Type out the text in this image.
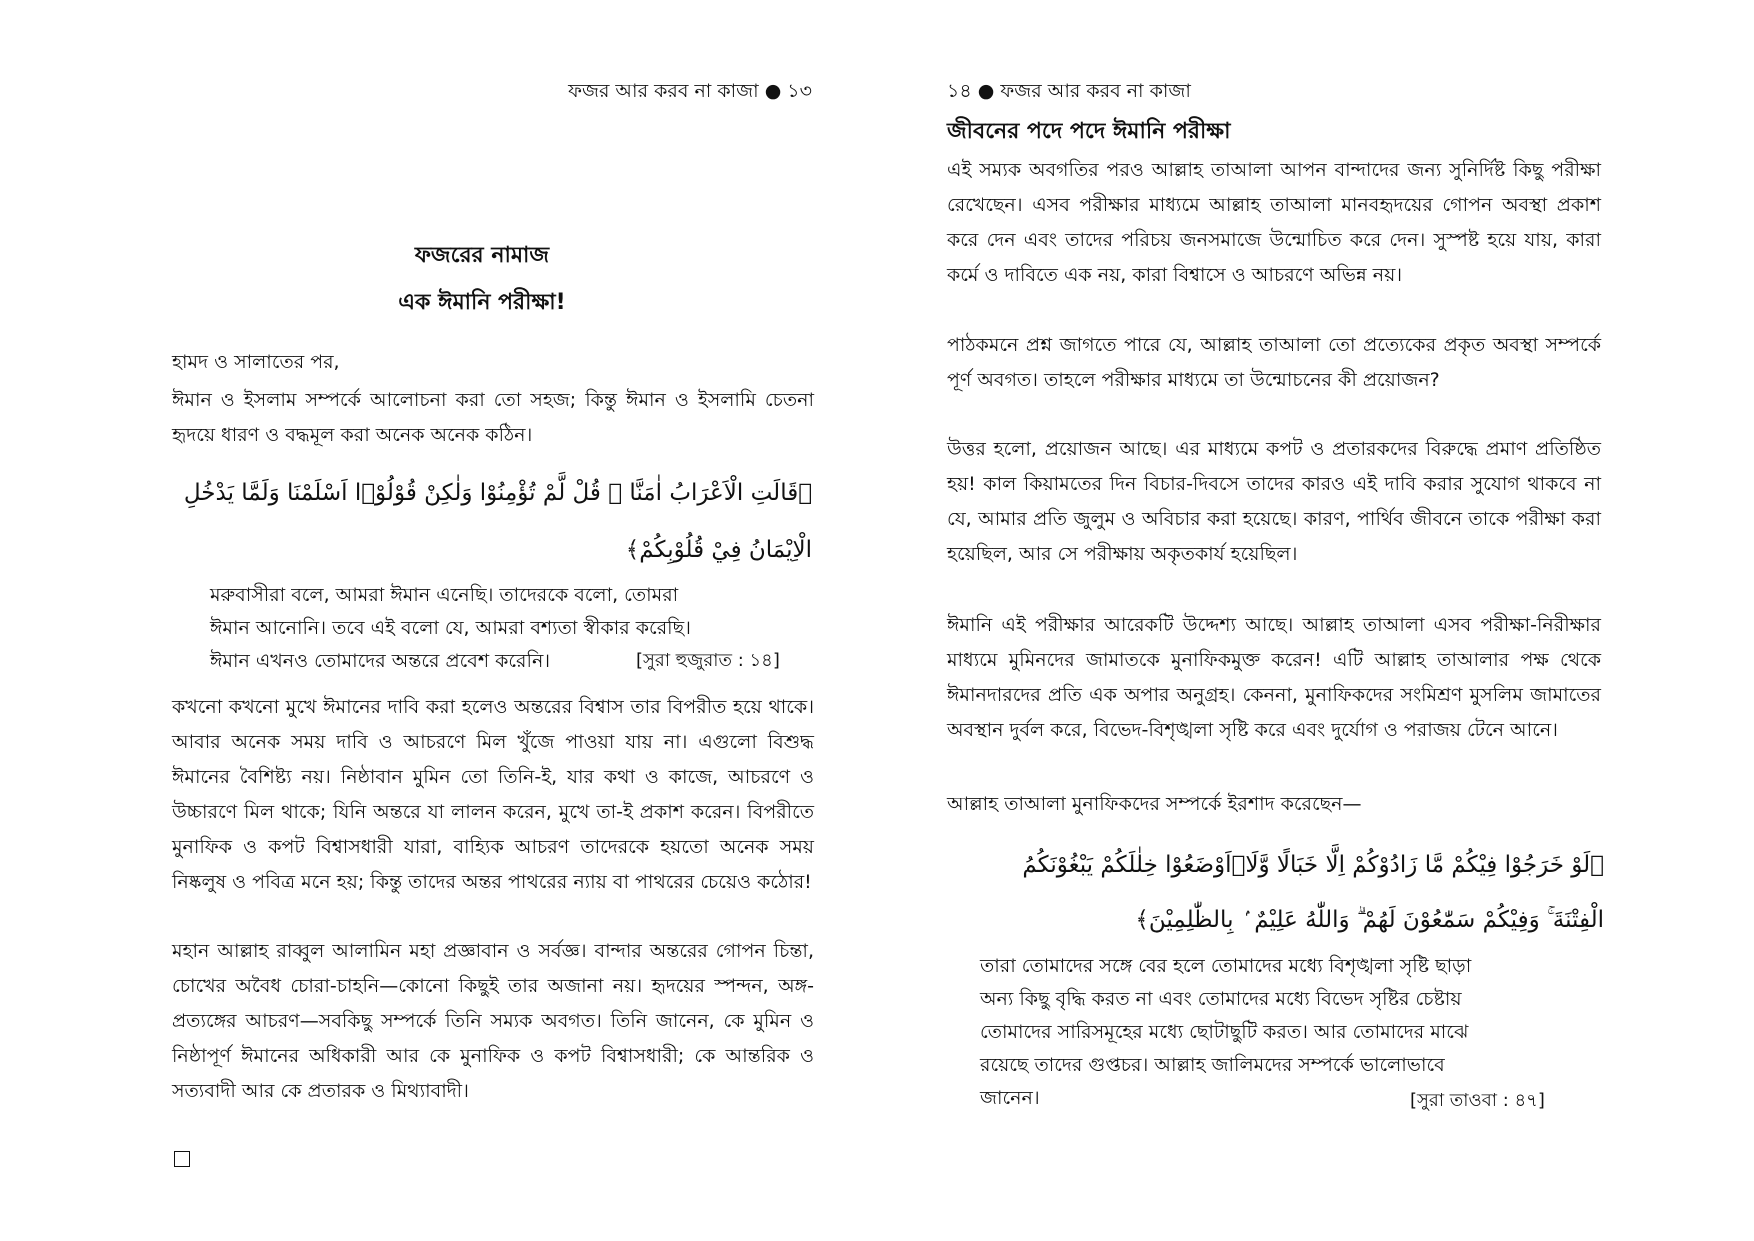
ফজর আর করব না কাজা ● ১৩
ফজরের নামাজ
এক ঈমানি পরীক্ষা!

হামদ ও সালাতের পর,

ঈমান ও ইসলাম সম্পর্কে আলোচনা করা তো সহজ; কিন্তু ঈমান ও ইসলামি চেতনা হৃদয়ে ধারণ ও বদ্ধমূল করা অনেক অনেক কঠিন।

﴿قَالَتِ الْاَعْرَابُ اٰمَنَّا ۗ قُلْ لَّمْ تُؤْمِنُوْا وَلٰكِنْ قُوْلُوْۤا اَسْلَمْنَا وَلَمَّا يَدْخُلِ
الْاِيْمَانُ فِيْ قُلُوْبِكُمْ﴾
মরুবাসীরা বলে, আমরা ঈমান এনেছি। তাদেরকে বলো, তোমরা
ঈমান আনোনি। তবে এই বলো যে, আমরা বশ্যতা স্বীকার করেছি।
ঈমান এখনও তোমাদের অন্তরে প্রবেশ করেনি।	[সুরা হুজুরাত : ১৪]

কখনো কখনো মুখে ঈমানের দাবি করা হলেও অন্তরের বিশ্বাস তার বিপরীত হয়ে থাকে। আবার অনেক সময় দাবি ও আচরণে মিল খুঁজে পাওয়া যায় না। এগুলো বিশুদ্ধ ঈমানের বৈশিষ্ট্য নয়। নিষ্ঠাবান মুমিন তো তিনি-ই, যার কথা ও কাজে, আচরণে ও উচ্চারণে মিল থাকে; যিনি অন্তরে যা লালন করেন, মুখে তা-ই প্রকাশ করেন। বিপরীতে মুনাফিক ও কপট বিশ্বাসধারী যারা, বাহ্যিক আচরণ তাদেরকে হয়তো অনেক সময় নিষ্কলুষ ও পবিত্র মনে হয়; কিন্তু তাদের অন্তর পাথরের ন্যায় বা পাথরের চেয়েও কঠোর!

মহান আল্লাহ রাব্বুল আলামিন মহা প্রজ্ঞাবান ও সর্বজ্ঞ। বান্দার অন্তরের গোপন চিন্তা, চোখের অবৈধ চোরা-চাহনি—কোনো কিছুই তার অজানা নয়। হৃদয়ের স্পন্দন, অঙ্গ-প্রত্যঙ্গের আচরণ—সবকিছু সম্পর্কে তিনি সম্যক অবগত। তিনি জানেন, কে মুমিন ও নিষ্ঠাপূর্ণ ঈমানের অধিকারী আর কে মুনাফিক ও কপট বিশ্বাসধারী; কে আন্তরিক ও সত্যবাদী আর কে প্রতারক ও মিথ্যাবাদী।

১৪ ● ফজর আর করব না কাজা
জীবনের পদে পদে ঈমানি পরীক্ষা

এই সম্যক অবগতির পরও আল্লাহ তাআলা আপন বান্দাদের জন্য সুনির্দিষ্ট কিছু পরীক্ষা রেখেছেন। এসব পরীক্ষার মাধ্যমে আল্লাহ তাআলা মানবহৃদয়ের গোপন অবস্থা প্রকাশ করে দেন এবং তাদের পরিচয় জনসমাজে উন্মোচিত করে দেন। সুস্পষ্ট হয়ে যায়, কারা কর্মে ও দাবিতে এক নয়, কারা বিশ্বাসে ও আচরণে অভিন্ন নয়।

পাঠকমনে প্রশ্ন জাগতে পারে যে, আল্লাহ তাআলা তো প্রত্যেকের প্রকৃত অবস্থা সম্পর্কে পূর্ণ অবগত। তাহলে পরীক্ষার মাধ্যমে তা উন্মোচনের কী প্রয়োজন?

উত্তর হলো, প্রয়োজন আছে। এর মাধ্যমে কপট ও প্রতারকদের বিরুদ্ধে প্রমাণ প্রতিষ্ঠিত হয়! কাল কিয়ামতের দিন বিচার-দিবসে তাদের কারও এই দাবি করার সুযোগ থাকবে না যে, আমার প্রতি জুলুম ও অবিচার করা হয়েছে। কারণ, পার্থিব জীবনে তাকে পরীক্ষা করা হয়েছিল, আর সে পরীক্ষায় অকৃতকার্য হয়েছিল।

ঈমানি এই পরীক্ষার আরেকটি উদ্দেশ্য আছে। আল্লাহ তাআলা এসব পরীক্ষা-নিরীক্ষার মাধ্যমে মুমিনদের জামাতকে মুনাফিকমুক্ত করেন! এটি আল্লাহ তাআলার পক্ষ থেকে ঈমানদারদের প্রতি এক অপার অনুগ্রহ। কেননা, মুনাফিকদের সংমিশ্রণ মুসলিম জামাতের অবস্থান দুর্বল করে, বিভেদ-বিশৃঙ্খলা সৃষ্টি করে এবং দুর্যোগ ও পরাজয় টেনে আনে।

আল্লাহ তাআলা মুনাফিকদের সম্পর্কে ইরশাদ করেছেন—

﴿لَوْ خَرَجُوْا فِيْكُمْ مَّا زَادُوْكُمْ اِلَّا خَبَالًا وَّلَاۡاَوْضَعُوْا خِلٰلَكُمْ يَبْغُوْنَكُمُ
الْفِتْنَةَ ۚ وَفِيْكُمْ سَمّٰعُوْنَ لَهُمْ ۗ وَاللّٰهُ عَلِيْمٌ ۢ بِالظّٰلِمِيْنَ﴾
তারা তোমাদের সঙ্গে বের হলে তোমাদের মধ্যে বিশৃঙ্খলা সৃষ্টি ছাড়া
অন্য কিছু বৃদ্ধি করত না এবং তোমাদের মধ্যে বিভেদ সৃষ্টির চেষ্টায়
তোমাদের সারিসমূহের মধ্যে ছোটাছুটি করত। আর তোমাদের মাঝে
রয়েছে তাদের গুপ্তচর। আল্লাহ জালিমদের সম্পর্কে ভালোভাবে
জানেন।	[সুরা তাওবা : ৪৭]
